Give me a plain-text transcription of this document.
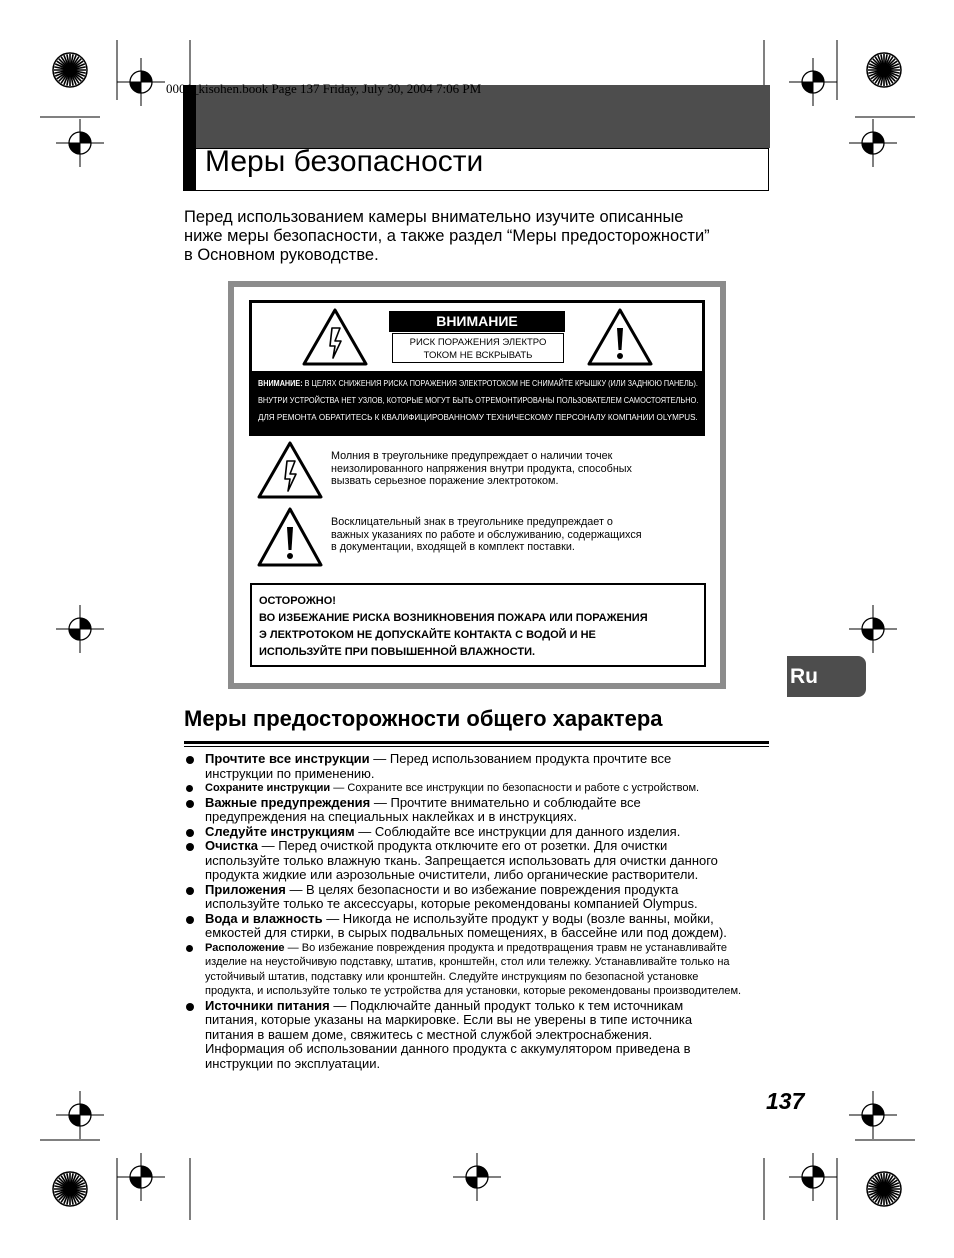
0001_kisohen.book Page 137 Friday, July 30, 2004 7:06 PM
Меры безопасности
Перед использованием камеры внимательно изучите описанные
ниже меры безопасности, а также раздел “Меры предосторожности”
в Основном руководстве.
ВНИМАНИЕ
РИСК ПОРАЖЕНИЯ ЭЛЕКТРО
ТОКОМ НЕ ВСКРЫВАТЬ
ВНИМАНИЕ: В ЦЕЛЯХ СНИЖЕНИЯ РИСКА ПОРАЖЕНИЯ ЭЛЕКТРОТОКОМ НЕ СНИМАЙТЕ КРЫШКУ (ИЛИ ЗАДНЮЮ ПАНЕЛЬ).
ВНУТРИ УСТРОЙСТВА НЕТ УЗЛОВ, КОТОРЫЕ МОГУТ БЫТЬ ОТРЕМОНТИРОВАНЫ ПОЛЬЗОВАТЕЛЕМ САМОСТОЯТЕЛЬНО.
ДЛЯ РЕМОНТА ОБРАТИТЕСЬ К КВАЛИФИЦИРОВАННОМУ ТЕХНИЧЕСКОМУ ПЕРСОНАЛУ КОМПАНИИ OLYMPUS.
Молния в треугольнике предупреждает о наличии точек
неизолированного напряжения внутри продукта, способных
вызвать серьезное поражение электротоком.
Восклицательный знак в треугольнике предупреждает о
важных указаниях по работе и обслуживанию, содержащихся
в документации, входящей в комплект поставки.
ОСТОРОЖНО!
ВО ИЗБЕЖАНИЕ РИСКА ВОЗНИКНОВЕНИЯ ПОЖАРА ИЛИ ПОРАЖЕНИЯ
Э ЛЕКТРОТОКОМ НЕ ДОПУСКАЙТЕ КОНТАКТА С ВОДОЙ И НЕ
ИСПОЛЬЗУЙТЕ ПРИ ПОВЫШЕННОЙ ВЛАЖНОСТИ.
Ru
Меры предосторожности общего характера
Прочтите все инструкции — Перед использованием продукта прочтите все
инструкции по применению.
Сохраните инструкции — Сохраните все инструкции по безопасности и работе с устройством.
Важные предупреждения — Прочтите внимательно и соблюдайте все
предупреждения на специальных наклейках и в инструкциях.
Следуйте инструкциям — Соблюдайте все инструкции для данного изделия.
Очистка — Перед очисткой продукта отключите его от розетки. Для очистки
используйте только влажную ткань. Запрещается использовать для очистки данного
продукта жидкие или аэрозольные очистители, либо органические растворители.
Приложения — В целях безопасности и во избежание повреждения продукта
используйте только те аксессуары, которые рекомендованы компанией Olympus.
Вода и влажность — Никогда не используйте продукт у воды (возле ванны, мойки,
емкостей для стирки, в сырых подвальных помещениях, в бассейне или под дождем).
Расположение — Во избежание повреждения продукта и предотвращения травм не устанавливайте
изделие на неустойчивую подставку, штатив, кронштейн, стол или тележку. Устанавливайте только на
устойчивый штатив, подставку или кронштейн. Следуйте инструкциям по безопасной установке
продукта, и используйте только те устройства для установки, которые рекомендованы производителем.
Источники питания — Подключайте данный продукт только к тем источникам
питания, которые указаны на маркировке. Если вы не уверены в типе источника
питания в вашем доме, свяжитесь с местной службой электроснабжения.
Информация об использовании данного продукта с аккумулятором приведена в
инструкции по эксплуатации.
137
